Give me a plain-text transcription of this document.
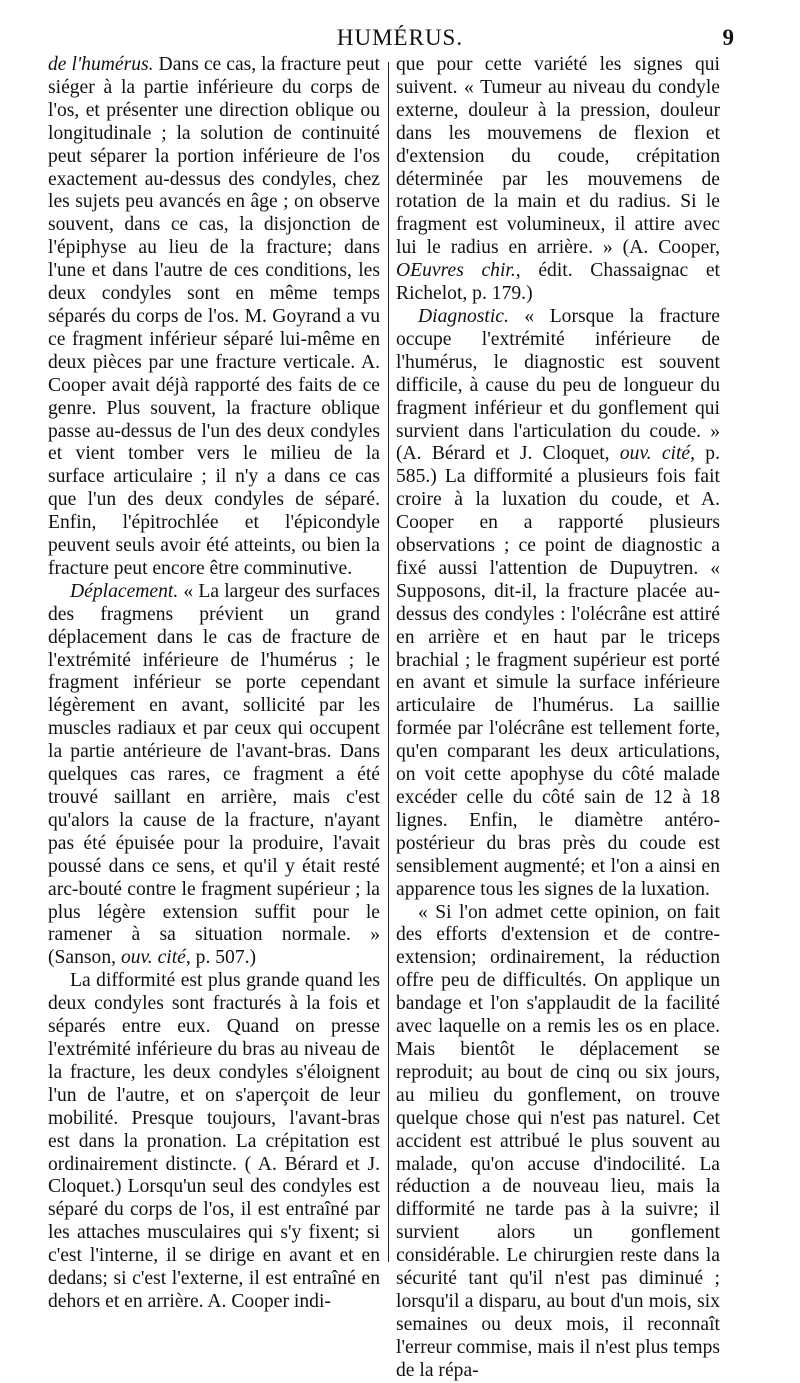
HUMÉRUS.	9

de l'humérus. Dans ce cas, la fracture peut siéger à la partie inférieure du corps de l'os, et présenter une direction oblique ou longitudinale ; la solution de continuité peut séparer la portion inférieure de l'os exactement au-dessus des condyles, chez les sujets peu avancés en âge ; on observe souvent, dans ce cas, la disjonction de l'épiphyse au lieu de la fracture; dans l'une et dans l'autre de ces conditions, les deux condyles sont en même temps séparés du corps de l'os. M. Goyrand a vu ce fragment inférieur séparé lui-même en deux pièces par une fracture verticale. A. Cooper avait déjà rapporté des faits de ce genre. Plus souvent, la fracture oblique passe au-dessus de l'un des deux condyles et vient tomber vers le milieu de la surface articulaire ; il n'y a dans ce cas que l'un des deux condyles de séparé. Enfin, l'épitrochlée et l'épicondyle peuvent seuls avoir été atteints, ou bien la fracture peut encore être comminutive.

Déplacement. « La largeur des surfaces des fragmens prévient un grand déplacement dans le cas de fracture de l'extrémité inférieure de l'humérus ; le fragment inférieur se porte cependant légèrement en avant, sollicité par les muscles radiaux et par ceux qui occupent la partie antérieure de l'avant-bras. Dans quelques cas rares, ce fragment a été trouvé saillant en arrière, mais c'est qu'alors la cause de la fracture, n'ayant pas été épuisée pour la produire, l'avait poussé dans ce sens, et qu'il y était resté arc-bouté contre le fragment supérieur ; la plus légère extension suffit pour le ramener à sa situation normale. » (Sanson, ouv. cité, p. 507.)

La difformité est plus grande quand les deux condyles sont fracturés à la fois et séparés entre eux. Quand on presse l'extrémité inférieure du bras au niveau de la fracture, les deux condyles s'éloignent l'un de l'autre, et on s'aperçoit de leur mobilité. Presque toujours, l'avant-bras est dans la pronation. La crépitation est ordinairement distincte. ( A. Bérard et J. Cloquet.) Lorsqu'un seul des condyles est séparé du corps de l'os, il est entraîné par les attaches musculaires qui s'y fixent; si c'est l'interne, il se dirige en avant et en dedans; si c'est l'externe, il est entraîné en dehors et en arrière. A. Cooper indi-

que pour cette variété les signes qui suivent. « Tumeur au niveau du condyle externe, douleur à la pression, douleur dans les mouvemens de flexion et d'extension du coude, crépitation déterminée par les mouvemens de rotation de la main et du radius. Si le fragment est volumineux, il attire avec lui le radius en arrière. » (A. Cooper, OEuvres chir., édit. Chassaignac et Richelot, p. 179.)

Diagnostic. « Lorsque la fracture occupe l'extrémité inférieure de l'humérus, le diagnostic est souvent difficile, à cause du peu de longueur du fragment inférieur et du gonflement qui survient dans l'articulation du coude. » (A. Bérard et J. Cloquet, ouv. cité, p. 585.) La difformité a plusieurs fois fait croire à la luxation du coude, et A. Cooper en a rapporté plusieurs observations ; ce point de diagnostic a fixé aussi l'attention de Dupuytren. « Supposons, dit-il, la fracture placée au-dessus des condyles : l'olécrâne est attiré en arrière et en haut par le triceps brachial ; le fragment supérieur est porté en avant et simule la surface inférieure articulaire de l'humérus. La saillie formée par l'olécrâne est tellement forte, qu'en comparant les deux articulations, on voit cette apophyse du côté malade excéder celle du côté sain de 12 à 18 lignes. Enfin, le diamètre antéro-postérieur du bras près du coude est sensiblement augmenté; et l'on a ainsi en apparence tous les signes de la luxation.

« Si l'on admet cette opinion, on fait des efforts d'extension et de contre-extension; ordinairement, la réduction offre peu de difficultés. On applique un bandage et l'on s'applaudit de la facilité avec laquelle on a remis les os en place. Mais bientôt le déplacement se reproduit; au bout de cinq ou six jours, au milieu du gonflement, on trouve quelque chose qui n'est pas naturel. Cet accident est attribué le plus souvent au malade, qu'on accuse d'indocilité. La réduction a de nouveau lieu, mais la difformité ne tarde pas à la suivre; il survient alors un gonflement considérable. Le chirurgien reste dans la sécurité tant qu'il n'est pas diminué ; lorsqu'il a disparu, au bout d'un mois, six semaines ou deux mois, il reconnaît l'erreur commise, mais il n'est plus temps de la répa-
